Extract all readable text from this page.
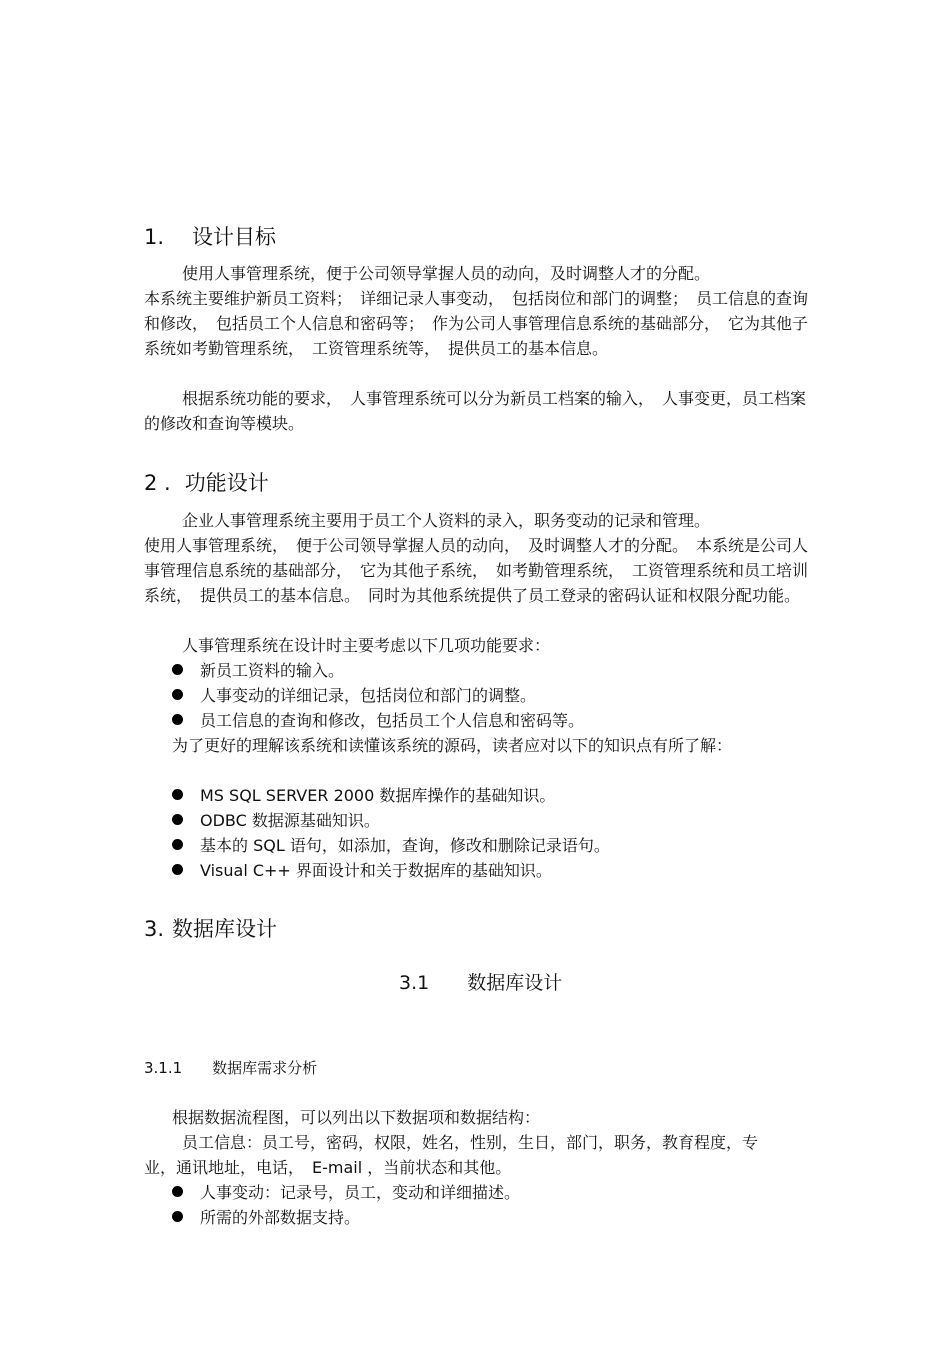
1. 设计目标

使用人事管理系统，便于公司领导掌握人员的动向，及时调整人才的分配。

本系统主要维护新员工资料；　详细记录人事变动，　包括岗位和部门的调整；　员工信息的查询和修改，　包括员工个人信息和密码等；　作为公司人事管理信息系统的基础部分，　它为其他子系统如考勤管理系统，　工资管理系统等，　提供员工的基本信息。

根据系统功能的要求，　人事管理系统可以分为新员工档案的输入，　人事变更，员工档案的修改和查询等模块。

2 . 功能设计

企业人事管理系统主要用于员工个人资料的录入，职务变动的记录和管理。

使用人事管理系统，　便于公司领导掌握人员的动向，　及时调整人才的分配。　本系统是公司人事管理信息系统的基础部分，　它为其他子系统，　如考勤管理系统，　工资管理系统和员工培训系统，　提供员工的基本信息。　同时为其他系统提供了员工登录的密码认证和权限分配功能。

人事管理系统在设计时主要考虑以下几项功能要求：

新员工资料的输入。
人事变动的详细记录，包括岗位和部门的调整。
员工信息的查询和修改，包括员工个人信息和密码等。

为了更好的理解该系统和读懂该系统的源码，读者应对以下的知识点有所了解：

MS SQL SERVER 2000 数据库操作的基础知识。
ODBC 数据源基础知识。
基本的 SQL 语句，如添加，查询，修改和删除记录语句。
Visual C++ 界面设计和关于数据库的基础知识。
3. 数据库设计
3.1 数据库设计
3.1.1 数据库需求分析

根据数据流程图，可以列出以下数据项和数据结构：

员工信息：员工号，密码，权限，姓名，性别，生日，部门，职务，教育程度，专业，通讯地址，电话，　E-mail ，当前状态和其他。

人事变动：记录号，员工，变动和详细描述。
所需的外部数据支持。
